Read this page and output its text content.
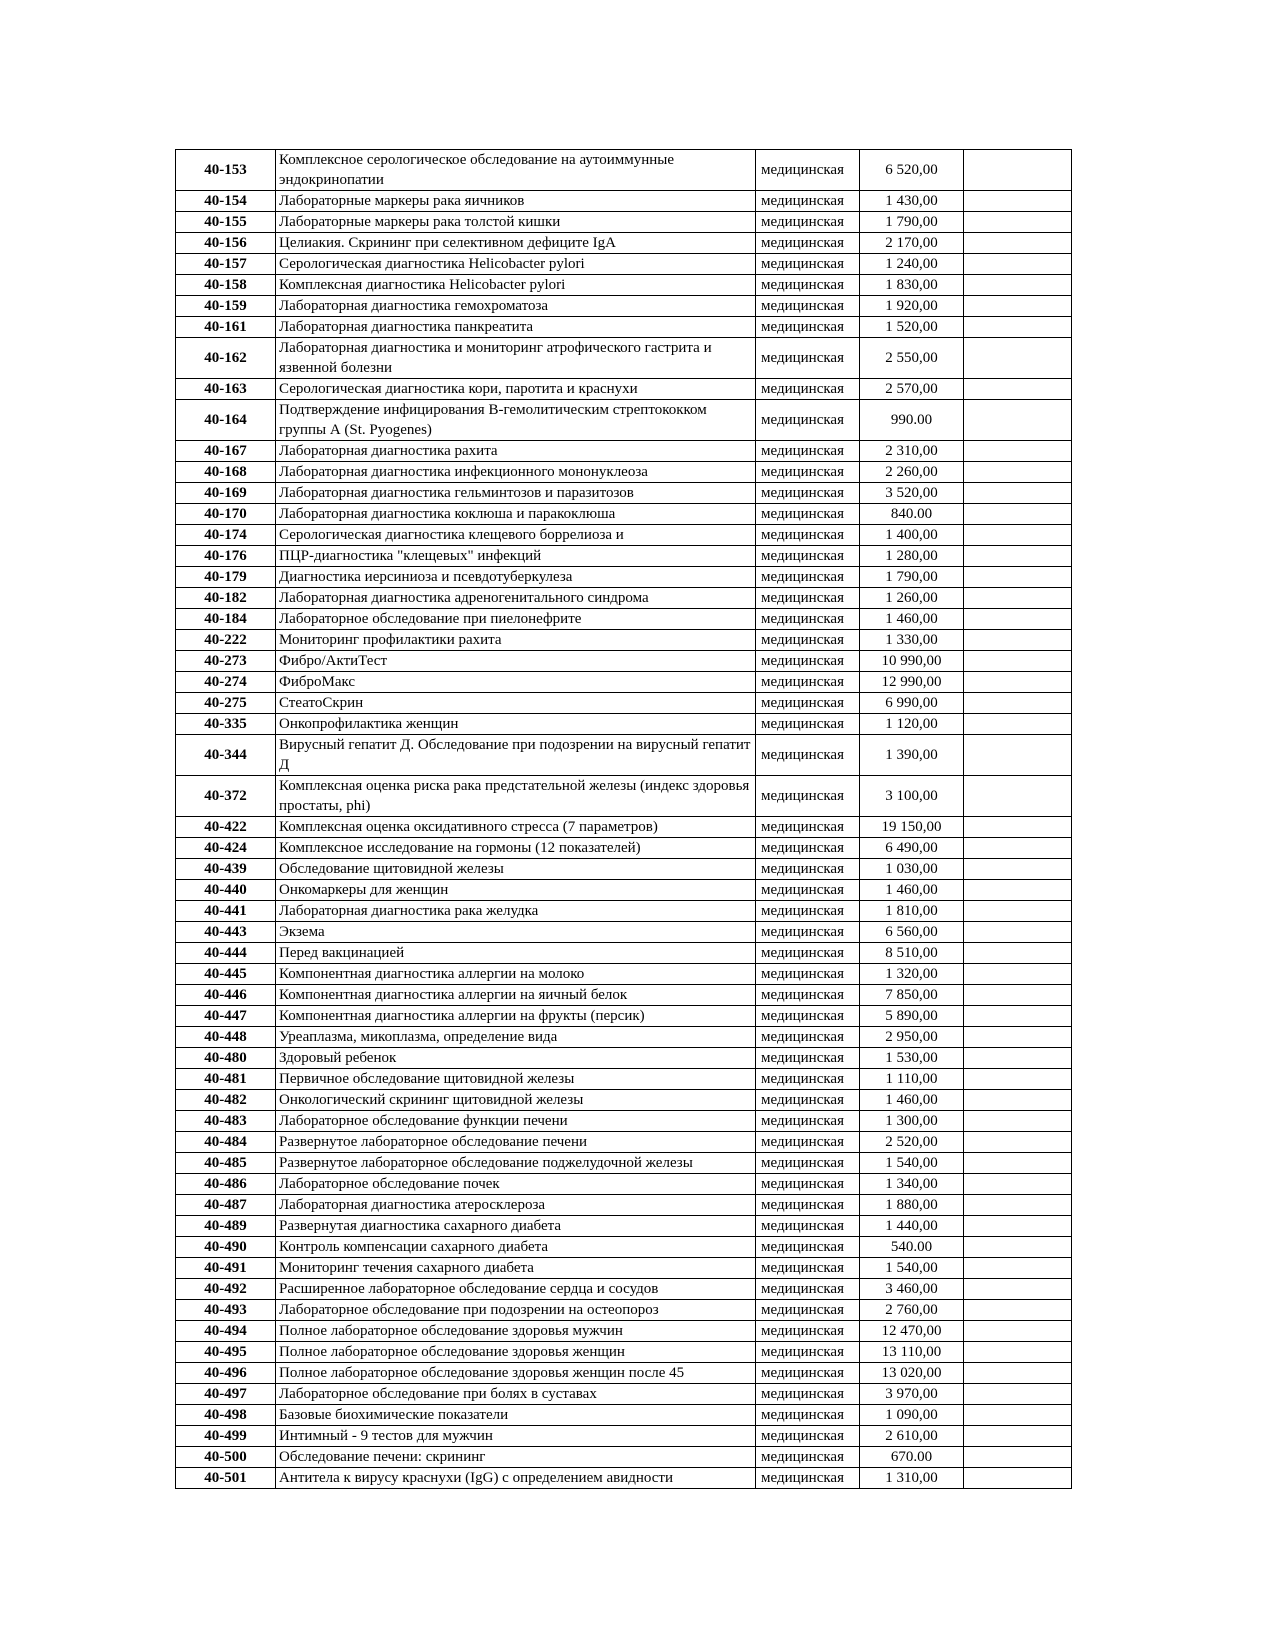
40-153	Комплексное серологическое обследование на аутоиммунные эндокринопатии	медицинская	6 520,00	
40-154	Лабораторные маркеры рака яичников	медицинская	1 430,00	
40-155	Лабораторные маркеры рака толстой кишки	медицинская	1 790,00	
40-156	Целиакия. Скрининг при селективном дефиците IgA	медицинская	2 170,00	
40-157	Серологическая диагностика Helicobacter pylori	медицинская	1 240,00	
40-158	Комплексная диагностика Helicobacter pylori	медицинская	1 830,00	
40-159	Лабораторная диагностика гемохроматоза	медицинская	1 920,00	
40-161	Лабораторная диагностика панкреатита	медицинская	1 520,00	
40-162	Лабораторная диагностика и мониторинг атрофического гастрита и язвенной болезни	медицинская	2 550,00	
40-163	Серологическая диагностика кори, паротита и краснухи	медицинская	2 570,00	
40-164	Подтверждение инфицирования В-гемолитическим стрептококком группы А (St. Pyogenes)	медицинская	990.00	
40-167	Лабораторная диагностика рахита	медицинская	2 310,00	
40-168	Лабораторная диагностика инфекционного мононуклеоза	медицинская	2 260,00	
40-169	Лабораторная диагностика гельминтозов и паразитозов	медицинская	3 520,00	
40-170	Лабораторная диагностика коклюша и паракоклюша	медицинская	840.00	
40-174	Серологическая диагностика клещевого боррелиоза и	медицинская	1 400,00	
40-176	ПЦР-диагностика "клещевых" инфекций	медицинская	1 280,00	
40-179	Диагностика иерсиниоза и псевдотуберкулеза	медицинская	1 790,00	
40-182	Лабораторная диагностика адреногенитального синдрома	медицинская	1 260,00	
40-184	Лабораторное обследование при пиелонефрите	медицинская	1 460,00	
40-222	Мониторинг профилактики рахита	медицинская	1 330,00	
40-273	Фибро/АктиТест	медицинская	10 990,00	
40-274	ФиброМакс	медицинская	12 990,00	
40-275	СтеатоСкрин	медицинская	6 990,00	
40-335	Онкопрофилактика женщин	медицинская	1 120,00	
40-344	Вирусный гепатит Д. Обследование при подозрении на вирусный гепатит Д	медицинская	1 390,00	
40-372	Комплексная оценка риска рака предстательной железы (индекс здоровья простаты, phi)	медицинская	3 100,00	
40-422	Комплексная оценка оксидативного стресса (7 параметров)	медицинская	19 150,00	
40-424	Комплексное исследование на гормоны (12 показателей)	медицинская	6 490,00	
40-439	Обследование щитовидной железы	медицинская	1 030,00	
40-440	Онкомаркеры для женщин	медицинская	1 460,00	
40-441	Лабораторная диагностика рака желудка	медицинская	1 810,00	
40-443	Экзема	медицинская	6 560,00	
40-444	Перед вакцинацией	медицинская	8 510,00	
40-445	Компонентная диагностика аллергии на молоко	медицинская	1 320,00	
40-446	Компонентная диагностика аллергии на яичный белок	медицинская	7 850,00	
40-447	Компонентная диагностика аллергии на фрукты (персик)	медицинская	5 890,00	
40-448	Уреаплазма, микоплазма, определение вида	медицинская	2 950,00	
40-480	Здоровый ребенок	медицинская	1 530,00	
40-481	Первичное обследование щитовидной железы	медицинская	1 110,00	
40-482	Онкологический скрининг щитовидной железы	медицинская	1 460,00	
40-483	Лабораторное обследование функции печени	медицинская	1 300,00	
40-484	Развернутое лабораторное обследование печени	медицинская	2 520,00	
40-485	Развернутое лабораторное обследование поджелудочной железы	медицинская	1 540,00	
40-486	Лабораторное обследование почек	медицинская	1 340,00	
40-487	Лабораторная диагностика атеросклероза	медицинская	1 880,00	
40-489	Развернутая диагностика сахарного диабета	медицинская	1 440,00	
40-490	Контроль компенсации сахарного диабета	медицинская	540.00	
40-491	Мониторинг течения сахарного диабета	медицинская	1 540,00	
40-492	Расширенное лабораторное обследование сердца и сосудов	медицинская	3 460,00	
40-493	Лабораторное обследование при подозрении на остеопороз	медицинская	2 760,00	
40-494	Полное лабораторное обследование здоровья мужчин	медицинская	12 470,00	
40-495	Полное лабораторное обследование здоровья женщин	медицинская	13 110,00	
40-496	Полное лабораторное обследование здоровья женщин после 45	медицинская	13 020,00	
40-497	Лабораторное обследование при болях в суставах	медицинская	3 970,00	
40-498	Базовые биохимические показатели	медицинская	1 090,00	
40-499	Интимный - 9 тестов для мужчин	медицинская	2 610,00	
40-500	Обследование печени: скрининг	медицинская	670.00	
40-501	Антитела к вирусу краснухи (IgG) с определением авидности	медицинская	1 310,00	
